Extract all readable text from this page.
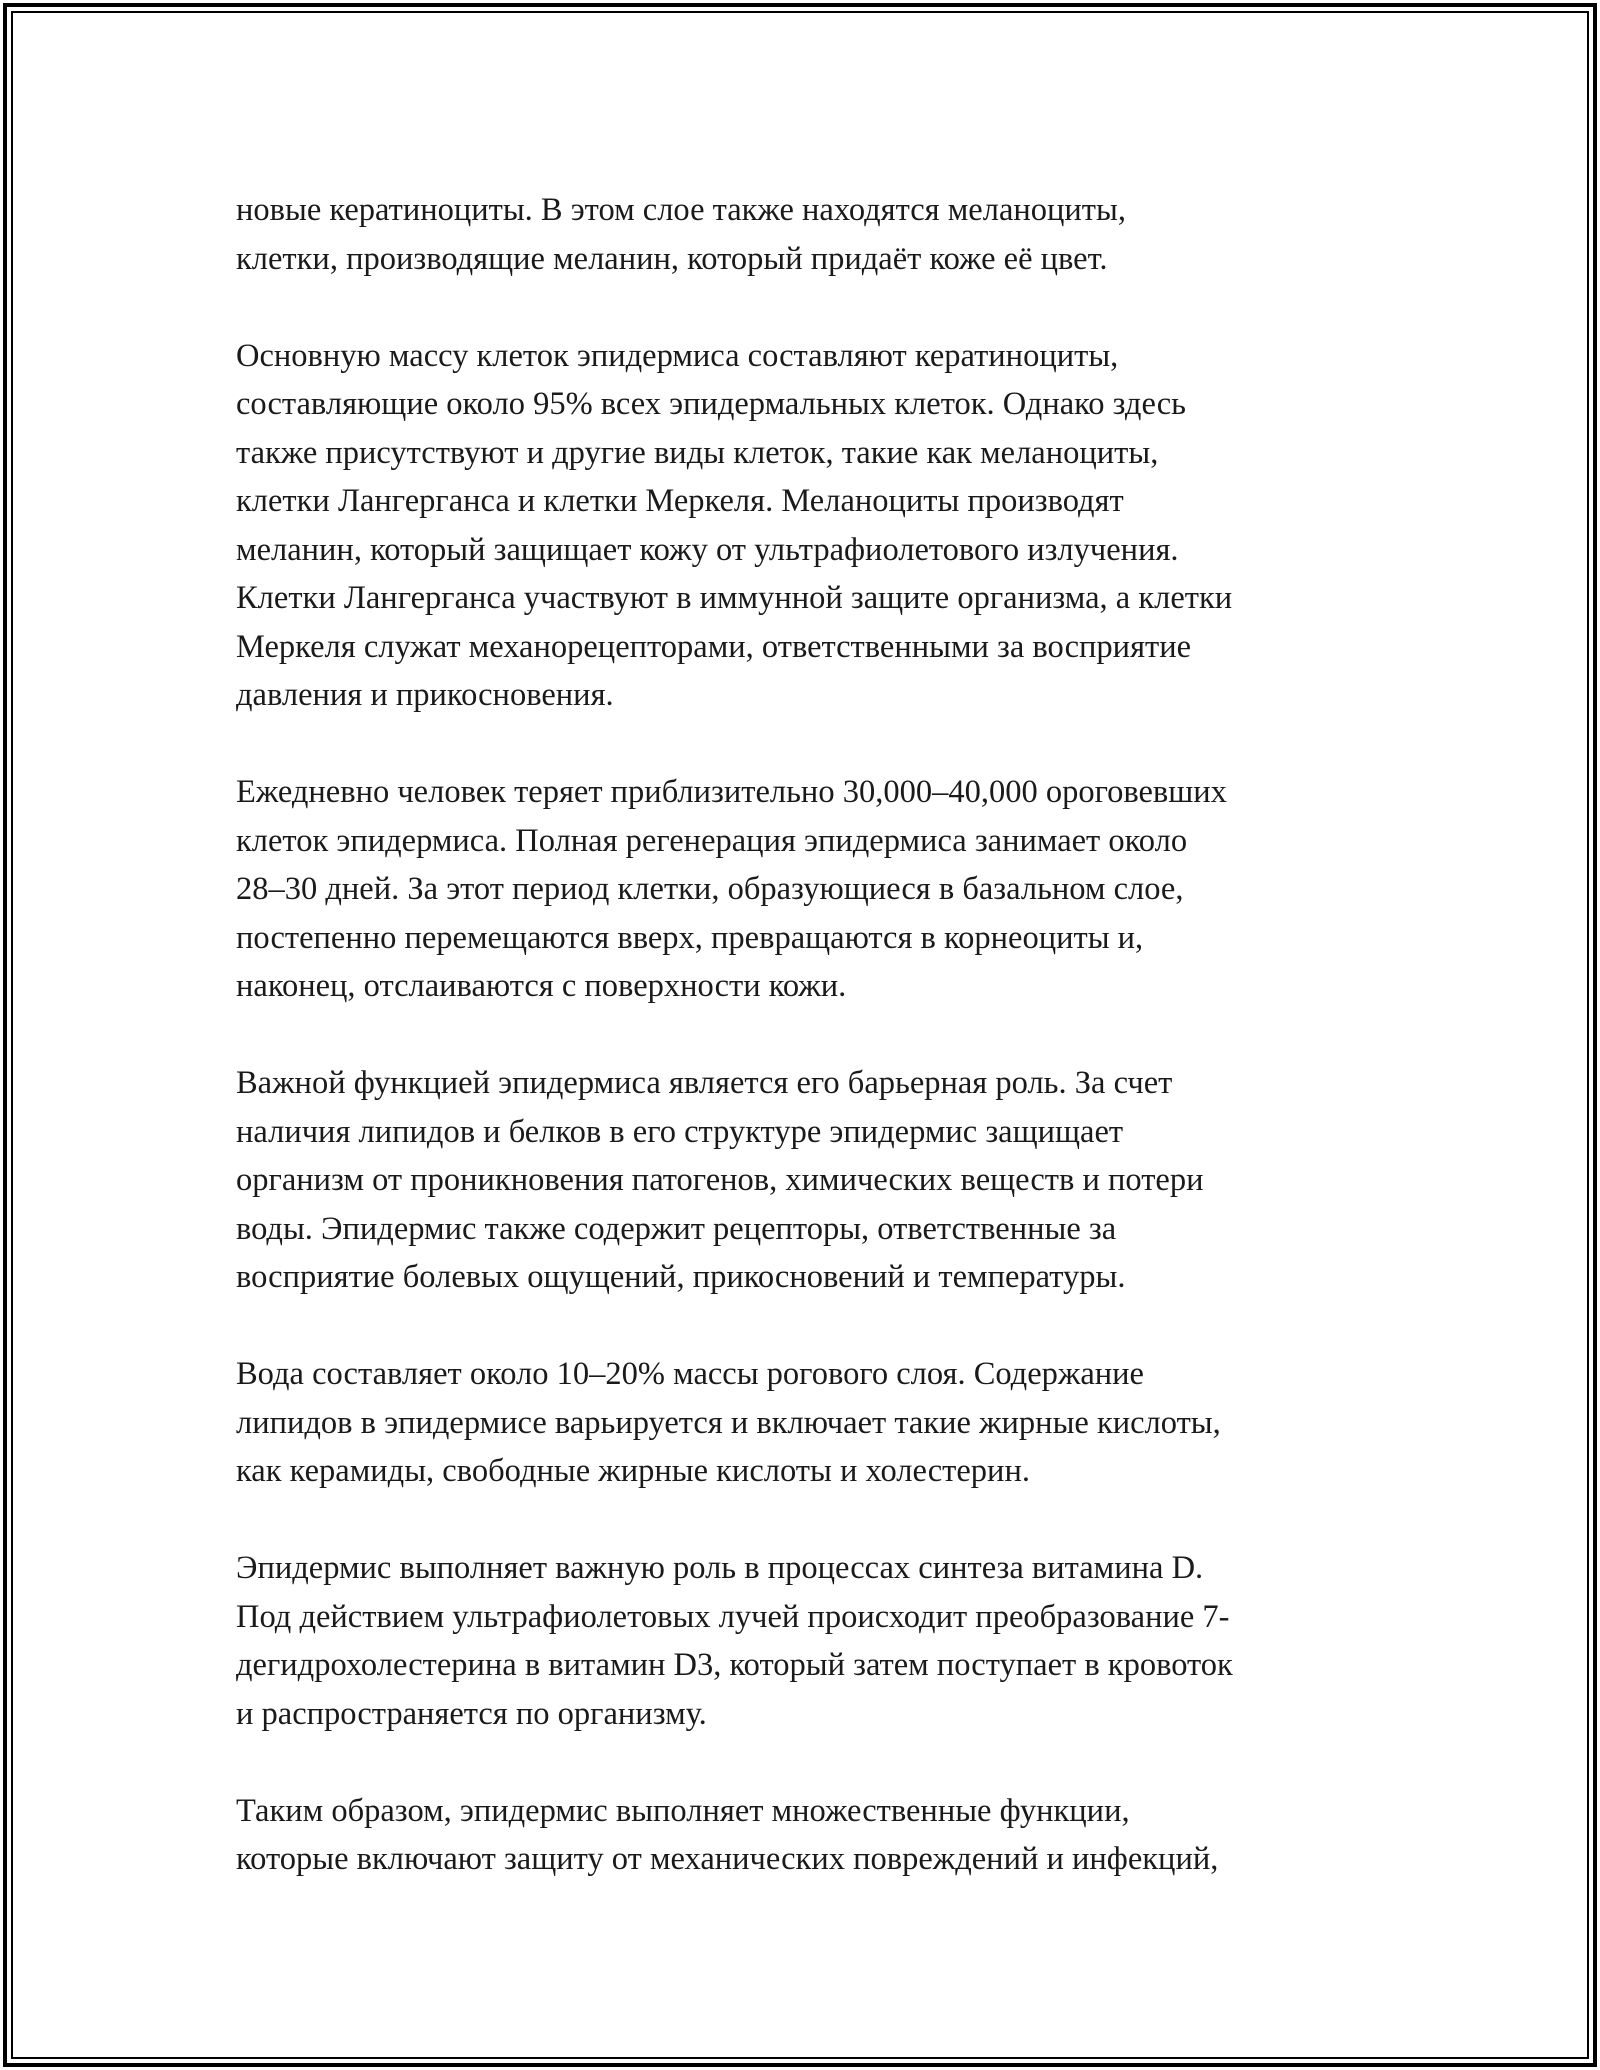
новые кератиноциты. В этом слое также находятся меланоциты,
клетки, производящие меланин, который придаёт коже её цвет.

Основную массу клеток эпидермиса составляют кератиноциты,
составляющие около 95% всех эпидермальных клеток. Однако здесь
также присутствуют и другие виды клеток, такие как меланоциты,
клетки Лангерганса и клетки Меркеля. Меланоциты производят
меланин, который защищает кожу от ультрафиолетового излучения.
Клетки Лангерганса участвуют в иммунной защите организма, а клетки
Меркеля служат механорецепторами, ответственными за восприятие
давления и прикосновения.

Ежедневно человек теряет приблизительно 30,000–40,000 ороговевших
клеток эпидермиса. Полная регенерация эпидермиса занимает около
28–30 дней. За этот период клетки, образующиеся в базальном слое,
постепенно перемещаются вверх, превращаются в корнеоциты и,
наконец, отслаиваются с поверхности кожи.

Важной функцией эпидермиса является его барьерная роль. За счет
наличия липидов и белков в его структуре эпидермис защищает
организм от проникновения патогенов, химических веществ и потери
воды. Эпидермис также содержит рецепторы, ответственные за
восприятие болевых ощущений, прикосновений и температуры.

Вода составляет около 10–20% массы рогового слоя. Содержание
липидов в эпидермисе варьируется и включает такие жирные кислоты,
как керамиды, свободные жирные кислоты и холестерин.

Эпидермис выполняет важную роль в процессах синтеза витамина D.
Под действием ультрафиолетовых лучей происходит преобразование 7-
дегидрохолестерина в витамин D3, который затем поступает в кровоток
и распространяется по организму.

Таким образом, эпидермис выполняет множественные функции,
которые включают защиту от механических повреждений и инфекций,
